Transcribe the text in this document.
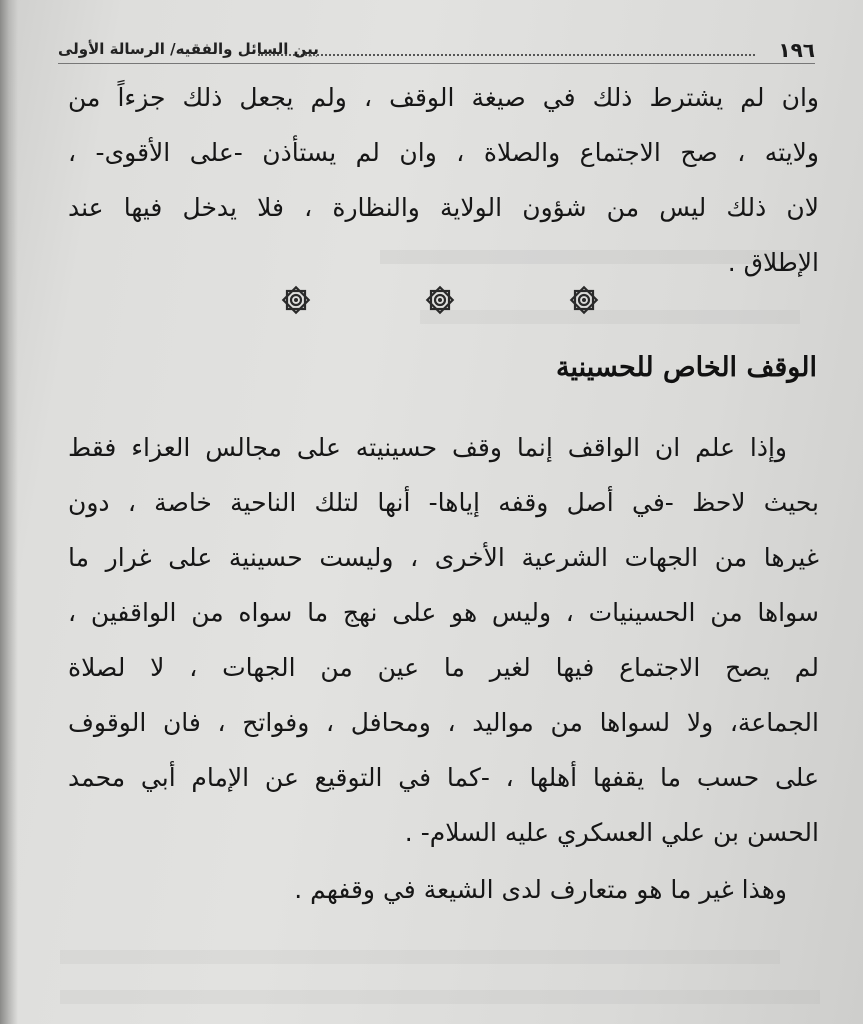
١٩٦
بين السائل والفقيه/ الرسالة الأولى
وان لم يشترط ذلك في صيغة الوقف ، ولم يجعل ذلك جزءاً من
ولايته ، صح الاجتماع والصلاة ، وان لم يستأذن -على الأقوى- ،
لان ذلك ليس من شؤون الولاية والنظارة ، فلا يدخل فيها عند
الإطلاق .
الوقف الخاص للحسينية
وإذا علم ان الواقف إنما وقف حسينيته على مجالس العزاء فقط
بحيث لاحظ -في أصل وقفه إياها- أنها لتلك الناحية خاصة ، دون
غيرها من الجهات الشرعية الأخرى ، وليست حسينية على غرار ما
سواها من الحسينيات ، وليس هو على نهج ما سواه من الواقفين ،
لم يصح الاجتماع فيها لغير ما عين من الجهات ، لا لصلاة
الجماعة، ولا لسواها من مواليد ، ومحافل ، وفواتح ، فان الوقوف
على حسب ما يقفها أهلها ، -كما في التوقيع عن الإمام أبي محمد
الحسن بن علي العسكري عليه السلام- .
وهذا غير ما هو متعارف لدى الشيعة في وقفهم .
